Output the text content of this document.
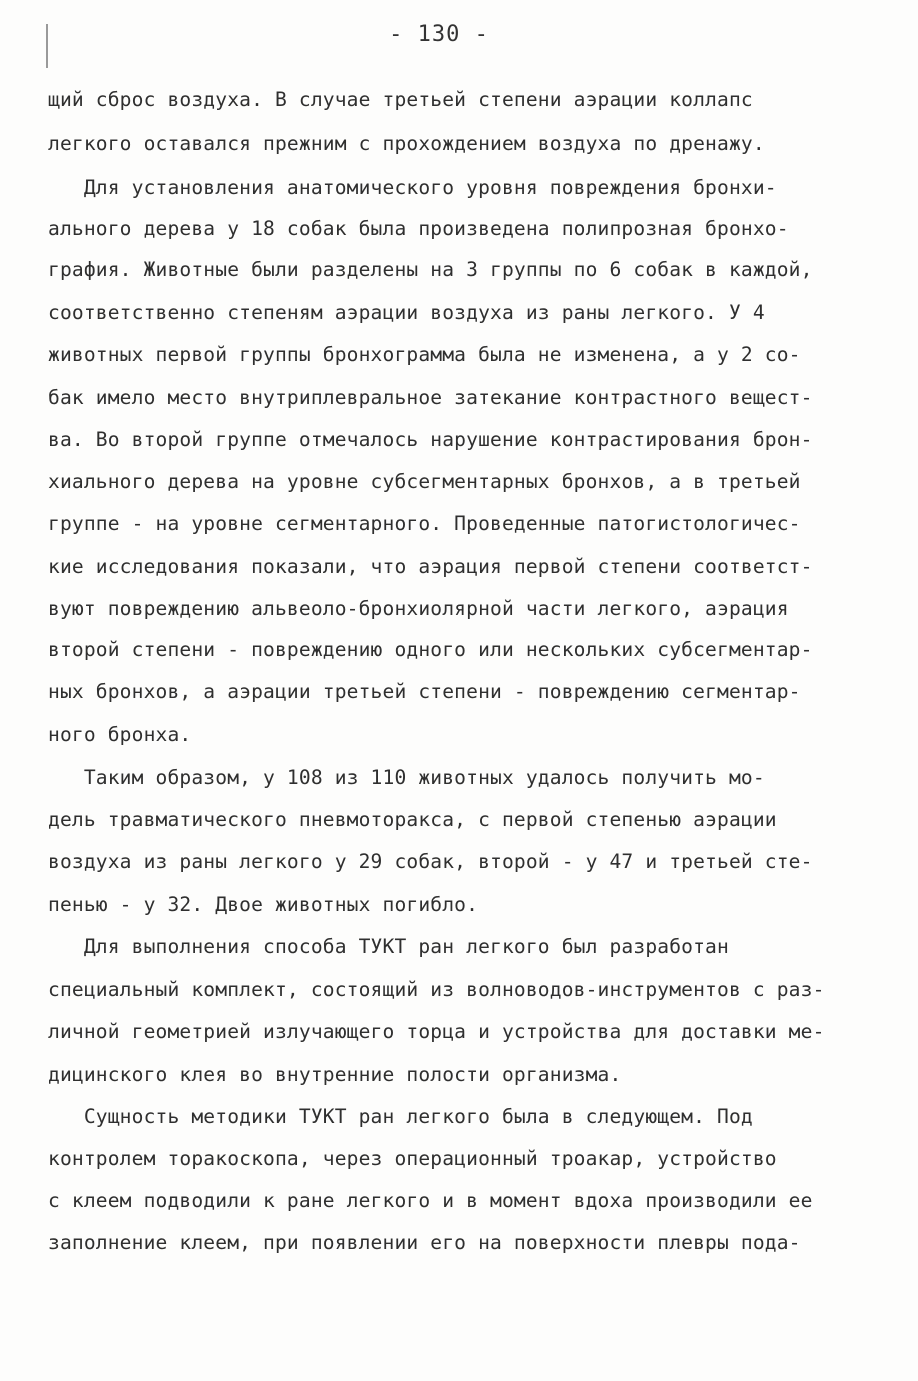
- 130 -
щий сброс воздуха. В случае третьей степени аэрации коллапс
легкого оставался прежним с прохождением воздуха по дренажу.
Для установления анатомического уровня повреждения бронхи-
ального дерева у 18 собак была произведена полипрозная бронхо-
графия. Животные были разделены на 3 группы по 6 собак в каждой,
соответственно степеням аэрации воздуха из раны легкого. У 4
животных первой группы бронхограмма была не изменена, а у 2 со-
бак имело место внутриплевральное затекание контрастного вещест-
ва. Во второй группе отмечалось нарушение контрастирования брон-
хиального дерева на уровне субсегментарных бронхов, а в третьей
группе - на уровне сегментарного. Проведенные патогистологичес-
кие исследования показали, что аэрация первой степени соответст-
вуют повреждению альвеоло-бронхиолярной части легкого, аэрация
второй степени - повреждению одного или нескольких субсегментар-
ных бронхов, а аэрации третьей степени - повреждению сегментар-
ного бронха.
Таким образом, у 108 из 110 животных удалось получить мо-
дель травматического пневмоторакса, с первой степенью аэрации
воздуха из раны легкого у 29 собак, второй - у 47 и третьей сте-
пенью - у 32. Двое животных погибло.
Для выполнения способа ТУКТ ран легкого был разработан
специальный комплект, состоящий из волноводов-инструментов с раз-
личной геометрией излучающего торца и устройства для доставки ме-
дицинского клея во внутренние полости организма.
Сущность методики ТУКТ ран легкого была в следующем. Под
контролем торакоскопа, через операционный троакар, устройство
с клеем подводили к ране легкого и в момент вдоха производили ее
заполнение клеем, при появлении его на поверхности плевры пода-
